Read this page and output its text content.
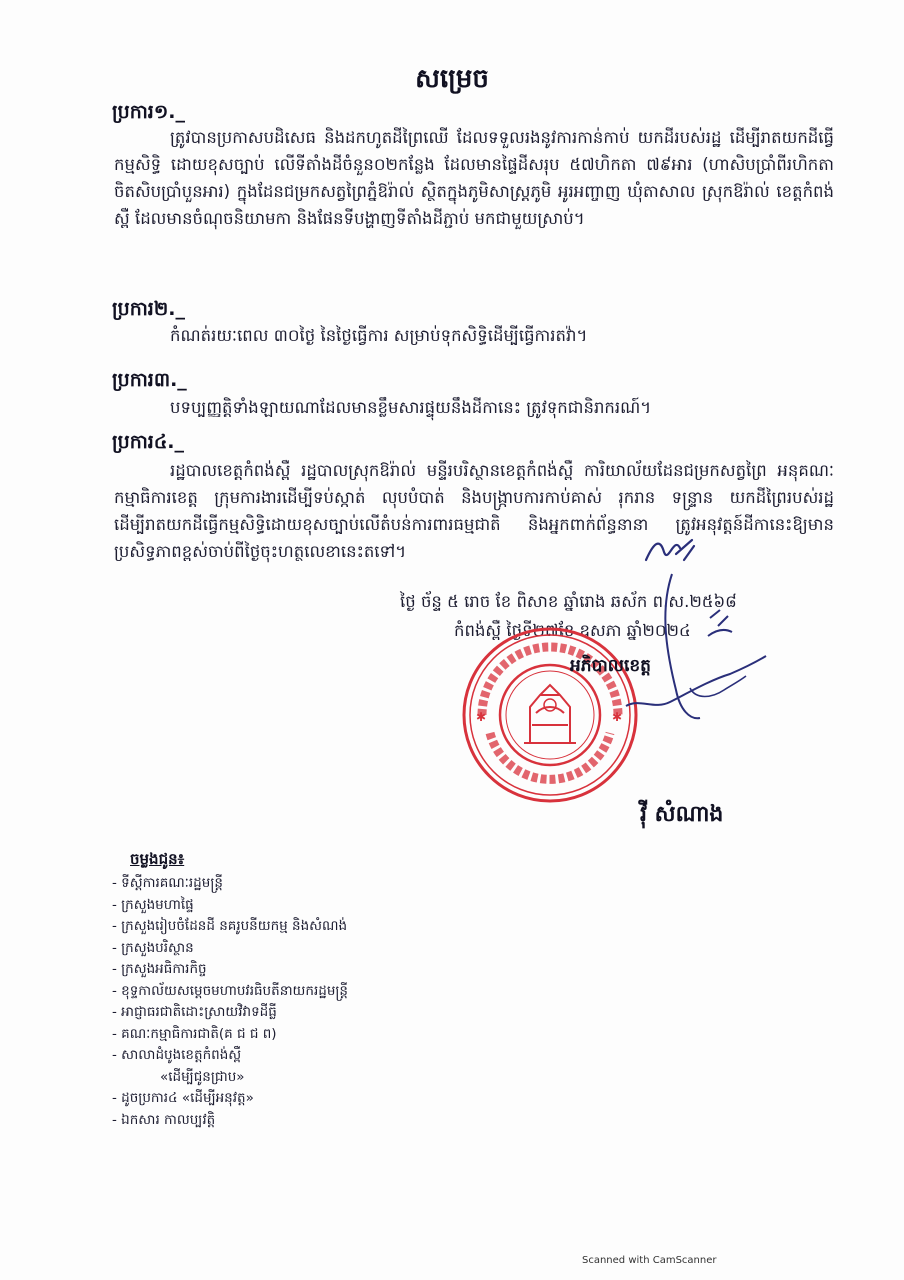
សម្រេច
ប្រការ១._
ត្រូវបានប្រកាសបដិសេធ និងដកហូតដីព្រៃឈើ ដែលទទួលរងនូវការកាន់កាប់ យកដីរបស់រដ្ឋ ដើម្បីរាតយកដីធ្វើកម្មសិទ្ធិ ដោយខុសច្បាប់ លើទីតាំងដីចំនួន០២កន្លែង ដែលមានផ្ទៃដីសរុប ៥៧ហិកតា ៧៩អារ (ហាសិបប្រាំពីរហិកតាចិតសិបប្រាំបួនអារ) ក្នុងដែនជម្រកសត្វព្រៃភ្នំឱរ៉ាល់ ស្ថិតក្នុងភូមិសាស្ត្រភូមិ អូរអញ្ចាញ ឃុំតាសាល ស្រុកឱរ៉ាល់ ខេត្តកំពង់ស្ពឺ ដែលមានចំណុចនិយាមកា និងផែនទីបង្ហាញទីតាំងដីភ្ជាប់ មកជាមួយស្រាប់។
ប្រការ២._
កំណត់រយៈពេល ៣០ថ្ងៃ នៃថ្ងៃធ្វើការ សម្រាប់ទុកសិទ្ធិដើម្បីធ្វើការតវ៉ា។
ប្រការ៣._
បទប្បញ្ញត្តិទាំងឡាយណាដែលមានខ្លឹមសារផ្ទុយនឹងដីកានេះ ត្រូវទុកជានិរាករណ៍។
ប្រការ៤._
រដ្ឋបាលខេត្តកំពង់ស្ពឺ រដ្ឋបាលស្រុកឱរ៉ាល់ មន្ទីរបរិស្ថានខេត្តកំពង់ស្ពឺ ការិយាល័យដែនជម្រកសត្វព្រៃ អនុគណៈកម្មាធិការខេត្ត ក្រុមការងារដើម្បីទប់ស្កាត់ លុបបំបាត់ និងបង្ក្រាបការកាប់គាស់ រុករាន ទន្ទ្រាន យកដីព្រៃរបស់រដ្ឋ ដើម្បីរាតយកដីធ្វើកម្មសិទ្ធិដោយខុសច្បាប់លើតំបន់ការពារធម្មជាតិ និងអ្នកពាក់ព័ន្ធនានា ត្រូវអនុវត្តន៍ដីកានេះឱ្យមានប្រសិទ្ធភាពខ្ពស់ចាប់ពីថ្ងៃចុះហត្ថលេខានេះតទៅ។
ថ្ងៃ ច័ន្ទ ៥ រោច ខែ ពិសាខ ឆ្នាំរោង ឆស័ក ព.ស.២៥៦៨
កំពង់ស្ពឺ ថ្ងៃទី២៧ខែ ឧសភា ឆ្នាំ២០២៤
✱	✱
អភិបាលខេត្ត
វ៉ី សំណាង
ចម្លងជូន៖
- ទីស្តីការគណៈរដ្ឋមន្ត្រី
- ក្រសួងមហាផ្ទៃ
- ក្រសួងរៀបចំដែនដី នគរូបនីយកម្ម និងសំណង់
- ក្រសួងបរិស្ថាន
- ក្រសួងអធិការកិច្ច
- ខុទ្ទកាល័យសម្តេចមហាបវរធិបតីនាយករដ្ឋមន្ត្រី
- អាជ្ញាធរជាតិដោះស្រាយវិវាទដីធ្លី
- គណៈកម្មាធិការជាតិ(គ ជ ជ ព)
- សាលាដំបូងខេត្តកំពង់ស្ពឺ
«ដើម្បីជូនជ្រាប»
- ដូចប្រការ៤ «ដើម្បីអនុវត្ត»
- ឯកសារ កាលប្បវត្តិ
Scanned with CamScanner
